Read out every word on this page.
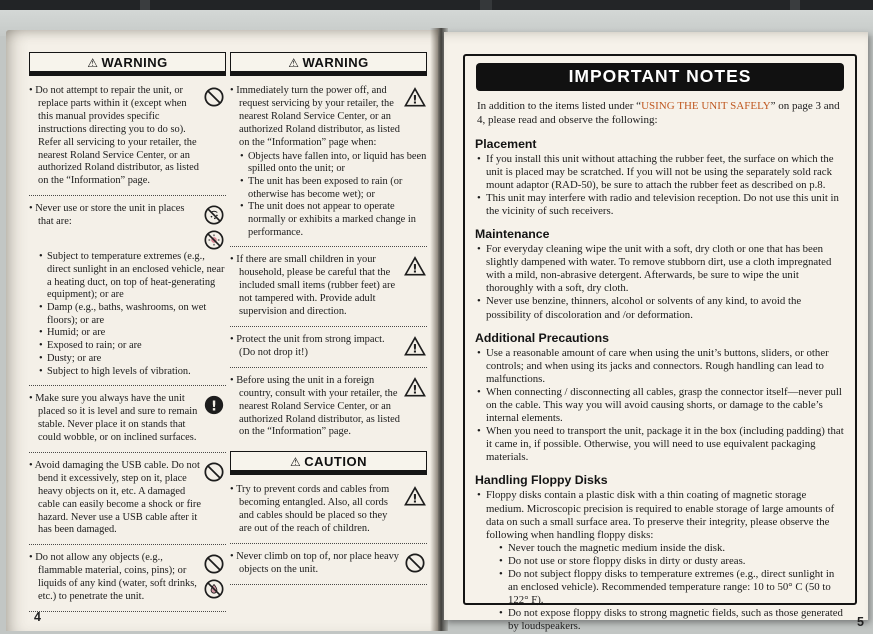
⚠ WARNING
• Do not attempt to repair the unit, or replace parts within it (except when this manual provides specific instructions directing you to do so). Refer all servicing to your retailer, the nearest Roland Service Center, or an authorized Roland distributor, as listed on the “Information” page.
• Never use or store the unit in places that are:
• Subject to temperature extremes (e.g., direct sunlight in an enclosed vehicle, near a heating duct, on top of heat-generating equipment); or are
• Damp (e.g., baths, washrooms, on wet floors); or are
• Humid; or are
• Exposed to rain; or are
• Dusty; or are
• Subject to high levels of vibration.
• Make sure you always have the unit placed so it is level and sure to remain stable. Never place it on stands that could wobble, or on inclined surfaces.
!
• Avoid damaging the USB cable. Do not bend it excessively, step on it, place heavy objects on it, etc. A damaged cable can easily become a shock or fire hazard. Never use a USB cable after it has been damaged.
• Do not allow any objects (e.g., flammable material, coins, pins); or liquids of any kind (water, soft drinks, etc.) to penetrate the unit.
⚠ WARNING
• Immediately turn the power off, and request servicing by your retailer, the nearest Roland Service Center, or an authorized Roland distributor, as listed on the “Information” page when:
!
• Objects have fallen into, or liquid has been spilled onto the unit; or
• The unit has been exposed to rain (or otherwise has become wet); or
• The unit does not appear to operate normally or exhibits a marked change in performance.
• If there are small children in your household, please be careful that the included small items (rubber feet) are not tampered with. Provide adult supervision and direction.
!
• Protect the unit from strong impact. (Do not drop it!)	!
• Before using the unit in a foreign country, consult with your retailer, the nearest Roland Service Center, or an authorized Roland distributor, as listed on the “Information” page.
!
⚠ CAUTION
• Try to prevent cords and cables from becoming entangled. Also, all cords and cables should be placed so they are out of the reach of children.
!
• Never climb on top of, nor place heavy objects on the unit.
4
IMPORTANT NOTES

In addition to the items listed under “USING THE UNIT SAFELY” on page 3 and 4, please read and observe the following:

Placement
• If you install this unit without attaching the rubber feet, the surface on which the unit is placed may be scratched. If you will not be using the separately sold rack mount adaptor (RAD-50), be sure to attach the rubber feet as described on p.8.
• This unit may interfere with radio and television reception. Do not use this unit in the vicinity of such receivers.
Maintenance
• For everyday cleaning wipe the unit with a soft, dry cloth or one that has been slightly dampened with water. To remove stubborn dirt, use a cloth impregnated with a mild, non-abrasive detergent. Afterwards, be sure to wipe the unit thoroughly with a soft, dry cloth.
• Never use benzine, thinners, alcohol or solvents of any kind, to avoid the possibility of discoloration and /or deformation.
Additional Precautions
• Use a reasonable amount of care when using the unit’s buttons, sliders, or other controls; and when using its jacks and connectors. Rough handling can lead to malfunctions.
• When connecting / disconnecting all cables, grasp the connector itself—never pull on the cable. This way you will avoid causing shorts, or damage to the cable’s internal elements.
• When you need to transport the unit, package it in the box (including padding) that it came in, if possible. Otherwise, you will need to use equivalent packaging materials.
Handling Floppy Disks
• Floppy disks contain a plastic disk with a thin coating of magnetic storage medium. Microscopic precision is required to enable storage of large amounts of data on such a small surface area. To preserve their integrity, please observe the following when handling floppy disks:
• Never touch the magnetic medium inside the disk.
• Do not use or store floppy disks in dirty or dusty areas.
• Do not subject floppy disks to temperature extremes (e.g., direct sunlight in an enclosed vehicle). Recommended temperature range: 10 to 50° C (50 to 122° F).
• Do not expose floppy disks to strong magnetic fields, such as those generated by loudspeakers.	5
